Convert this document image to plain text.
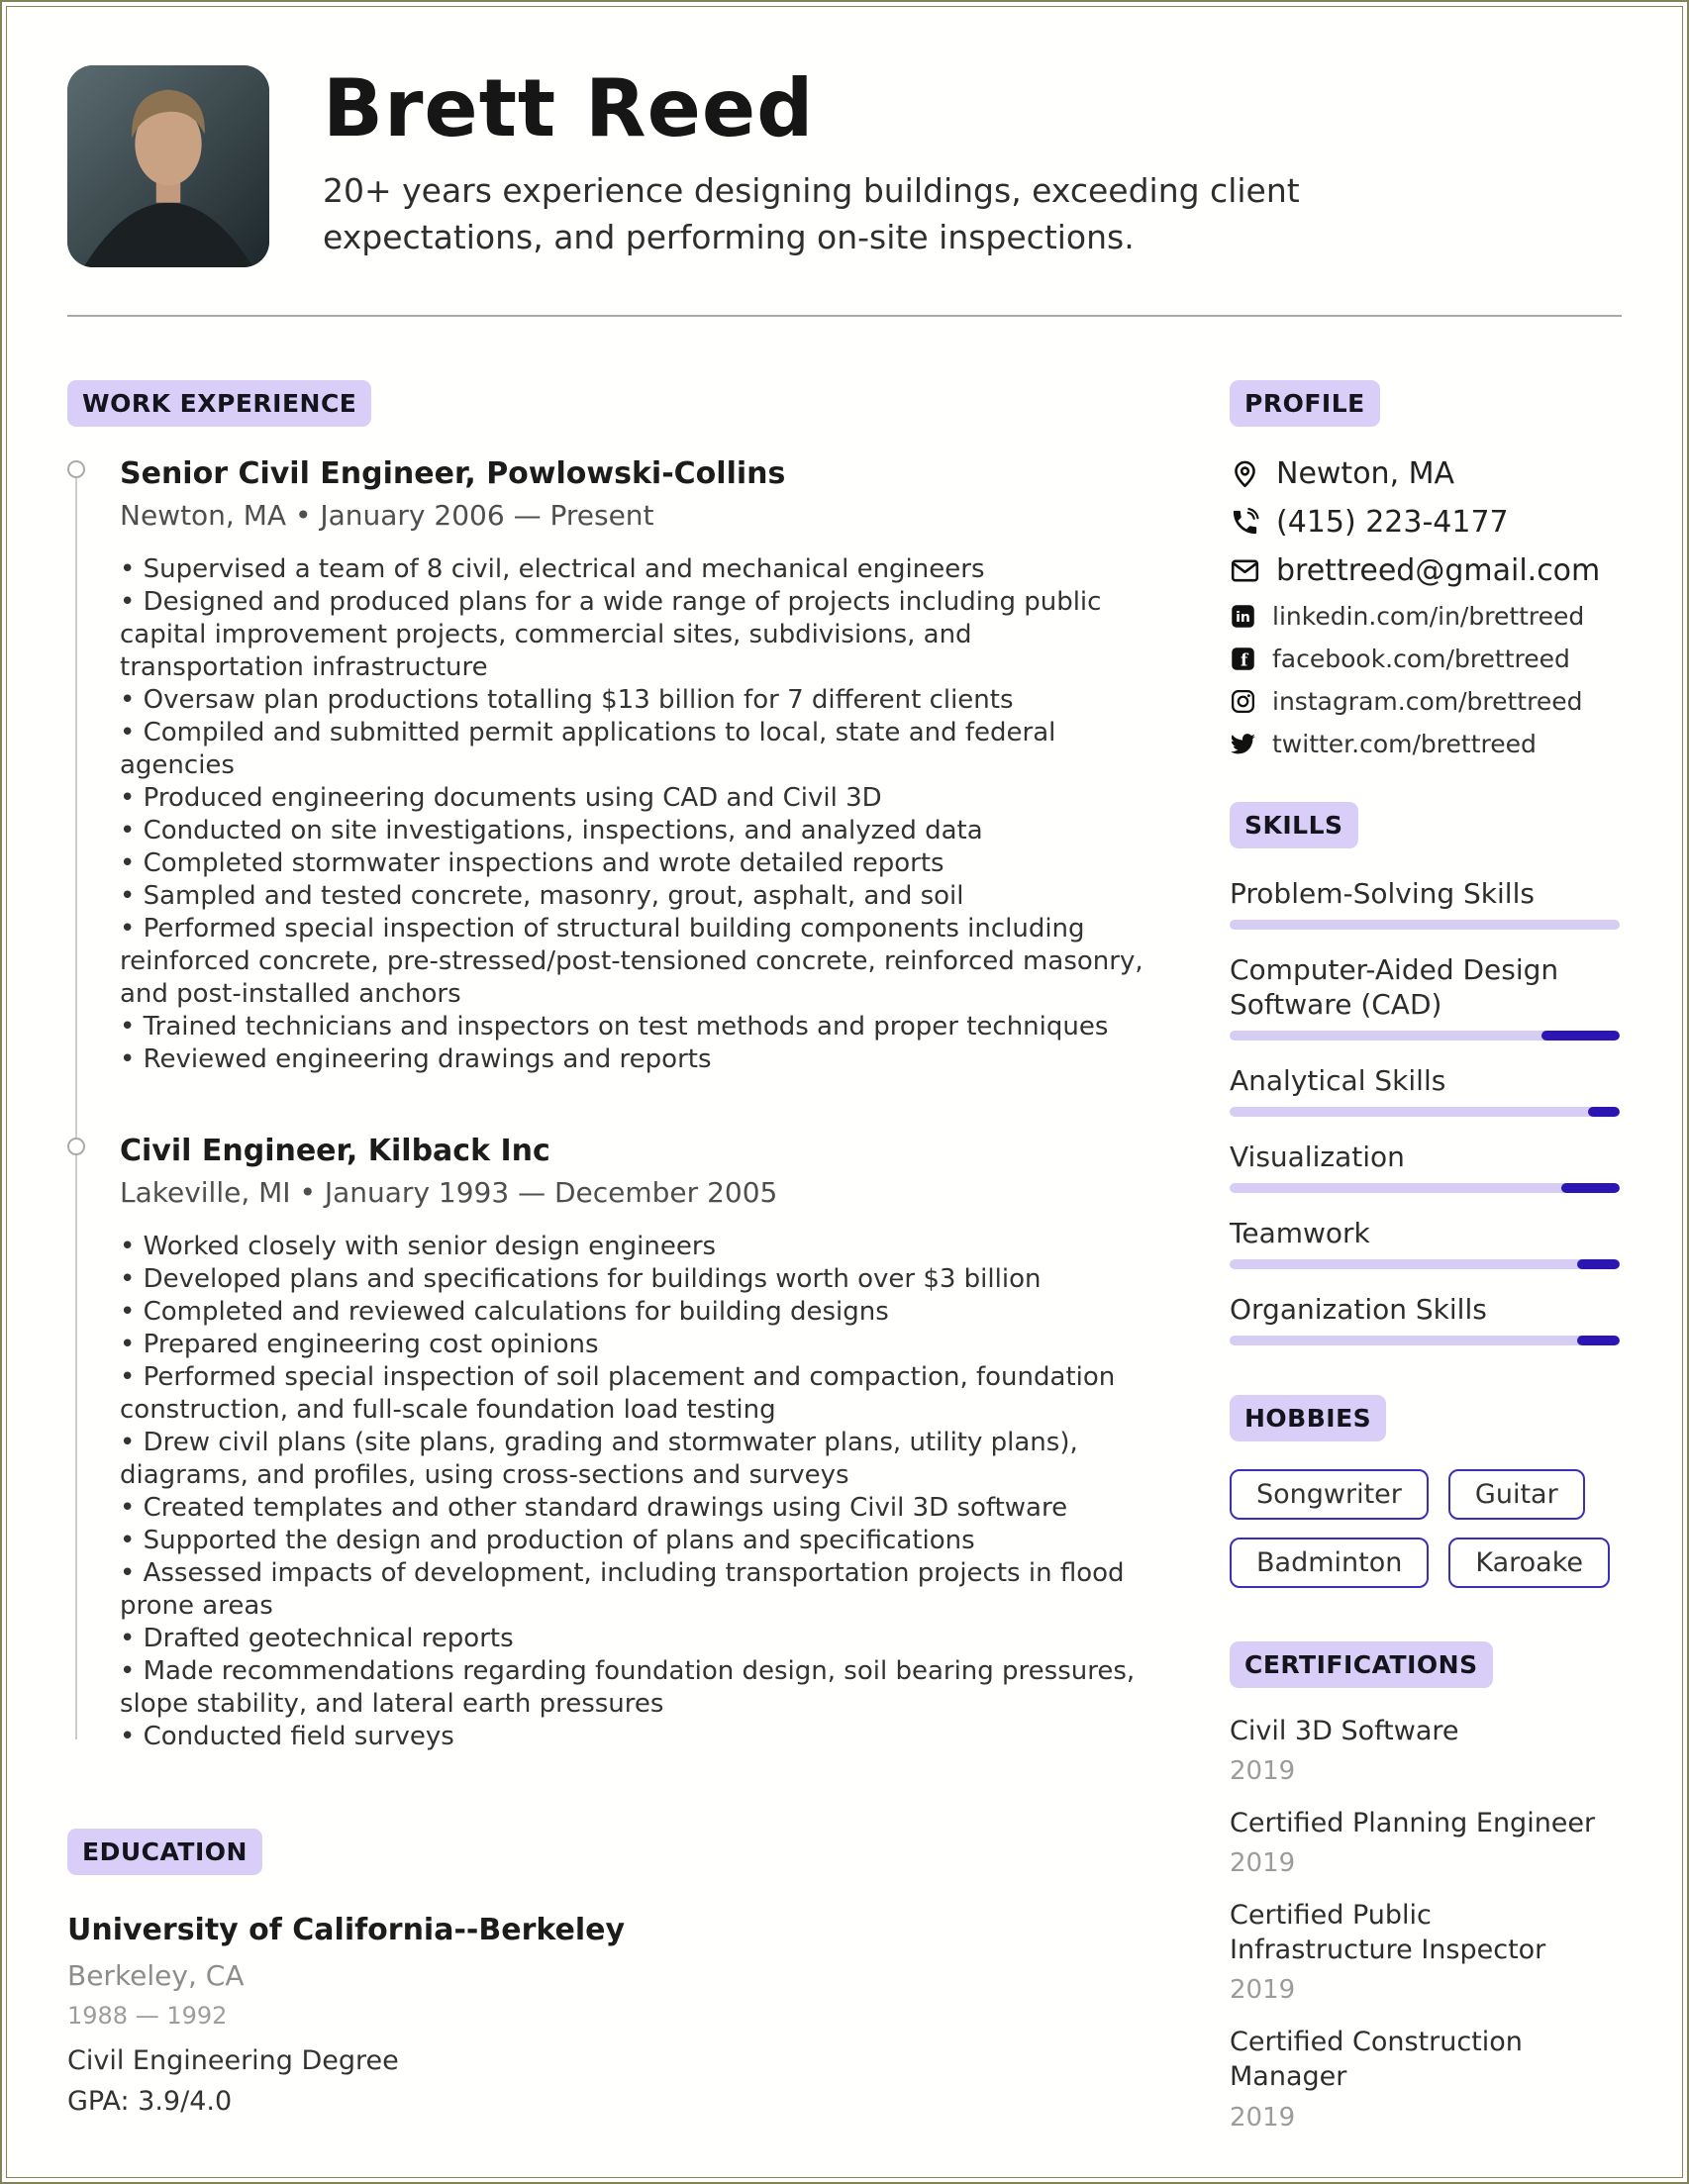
Brett Reed
20+ years experience designing buildings, exceeding client expectations, and performing on-site inspections.
WORK EXPERIENCE
Senior Civil Engineer, Powlowski-Collins
Newton, MA • January 2006 — Present
• Supervised a team of 8 civil, electrical and mechanical engineers
• Designed and produced plans for a wide range of projects including public capital improvement projects, commercial sites, subdivisions, and transportation infrastructure
• Oversaw plan productions totalling $13 billion for 7 different clients
• Compiled and submitted permit applications to local, state and federal agencies
• Produced engineering documents using CAD and Civil 3D
• Conducted on site investigations, inspections, and analyzed data
• Completed stormwater inspections and wrote detailed reports
• Sampled and tested concrete, masonry, grout, asphalt, and soil
• Performed special inspection of structural building components including reinforced concrete, pre-stressed/post-tensioned concrete, reinforced masonry, and post-installed anchors
• Trained technicians and inspectors on test methods and proper techniques
• Reviewed engineering drawings and reports
Civil Engineer, Kilback Inc
Lakeville, MI • January 1993 — December 2005
• Worked closely with senior design engineers
• Developed plans and specifications for buildings worth over $3 billion
• Completed and reviewed calculations for building designs
• Prepared engineering cost opinions
• Performed special inspection of soil placement and compaction, foundation construction, and full-scale foundation load testing
• Drew civil plans (site plans, grading and stormwater plans, utility plans), diagrams, and profiles, using cross-sections and surveys
• Created templates and other standard drawings using Civil 3D software
• Supported the design and production of plans and specifications
• Assessed impacts of development, including transportation projects in flood prone areas
• Drafted geotechnical reports
• Made recommendations regarding foundation design, soil bearing pressures, slope stability, and lateral earth pressures
• Conducted field surveys
EDUCATION
University of California--Berkeley
Berkeley, CA
1988 — 1992
Civil Engineering Degree
GPA: 3.9/4.0
PROFILE
Newton, MA
(415) 223-4177
brettreed@gmail.com
in linkedin.com/in/brettreed
f facebook.com/brettreed
instagram.com/brettreed
twitter.com/brettreed
SKILLS
Problem-Solving Skills
Computer-Aided Design Software (CAD)
Analytical Skills
Visualization
Teamwork
Organization Skills
HOBBIES
Songwriter	Guitar
Badminton	Karoake
CERTIFICATIONS
Civil 3D Software
2019
Certified Planning Engineer
2019
Certified Public Infrastructure Inspector
2019
Certified Construction Manager
2019
